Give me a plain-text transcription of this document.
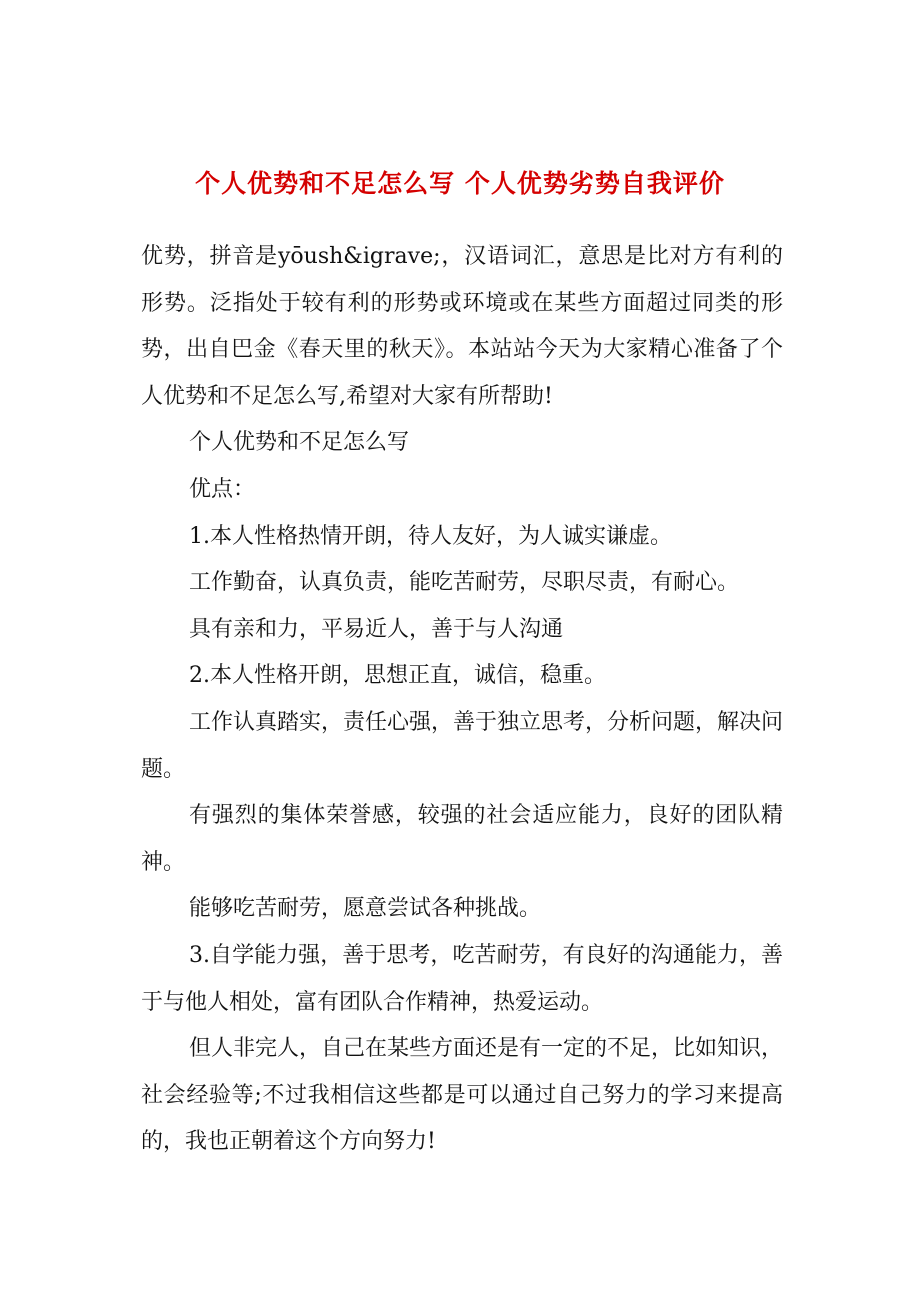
个人优势和不足怎么写 个人优势劣势自我评价

优势，拼音是yōush&igrave;，汉语词汇，意思是比对方有利的形势。泛指处于较有利的形势或环境或在某些方面超过同类的形势，出自巴金《春天里的秋天》。本站站今天为大家精心准备了个人优势和不足怎么写,希望对大家有所帮助!

个人优势和不足怎么写

优点：

1.本人性格热情开朗，待人友好，为人诚实谦虚。

工作勤奋，认真负责，能吃苦耐劳，尽职尽责，有耐心。

具有亲和力，平易近人，善于与人沟通

2.本人性格开朗，思想正直，诚信，稳重。

工作认真踏实，责任心强，善于独立思考，分析问题，解决问题。

有强烈的集体荣誉感，较强的社会适应能力，良好的团队精神。

能够吃苦耐劳，愿意尝试各种挑战。

3.自学能力强，善于思考，吃苦耐劳，有良好的沟通能力，善于与他人相处，富有团队合作精神，热爱运动。

但人非完人，自己在某些方面还是有一定的不足，比如知识，社会经验等;不过我相信这些都是可以通过自己努力的学习来提高的，我也正朝着这个方向努力!
